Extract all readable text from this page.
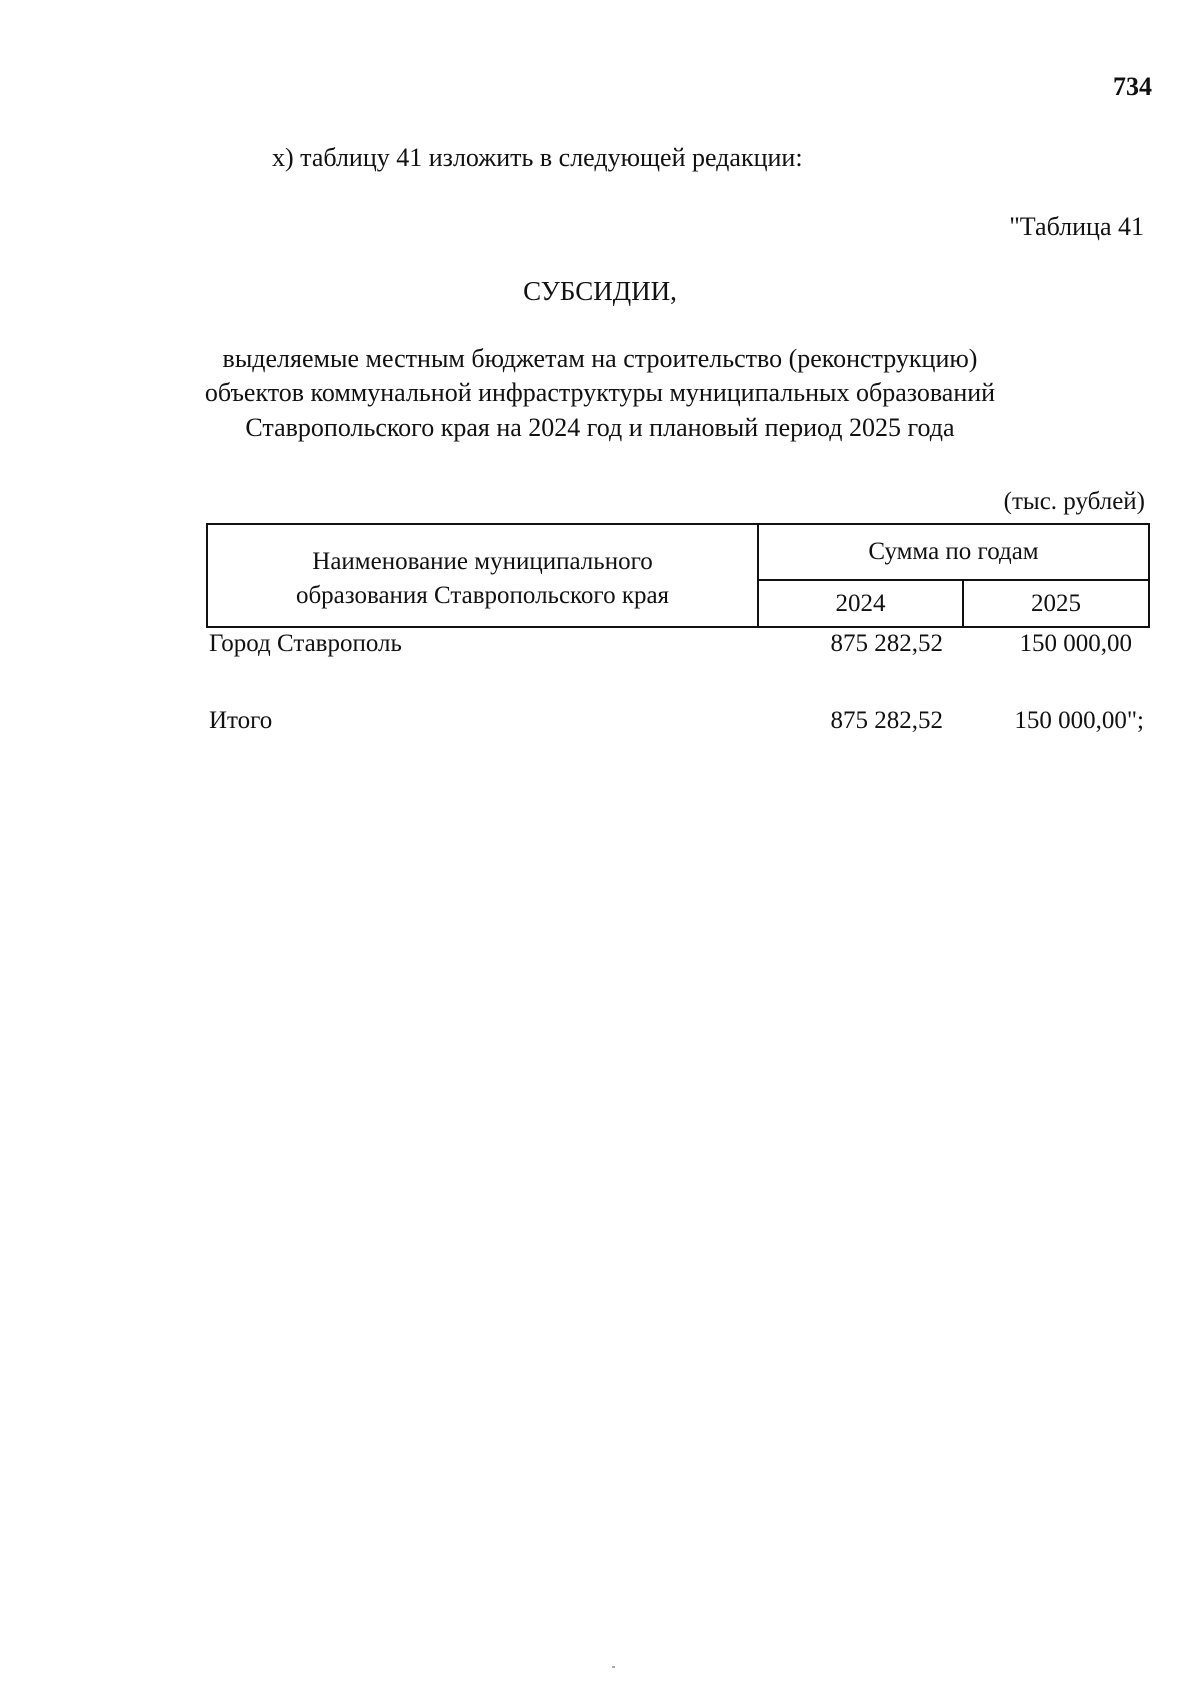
734
х) таблицу 41 изложить в следующей редакции:
"Таблица 41
СУБСИДИИ,
выделяемые местным бюджетам на строительство (реконструкцию)
объектов коммунальной инфраструктуры муниципальных образований
Ставропольского края на 2024 год и плановый период 2025 года
(тыс. рублей)
Наименование муниципального
образования Ставропольского края
Сумма по годам
2024	2025
Город Ставрополь	875 282,52	150 000,00
Итого	875 282,52	150 000,00";
